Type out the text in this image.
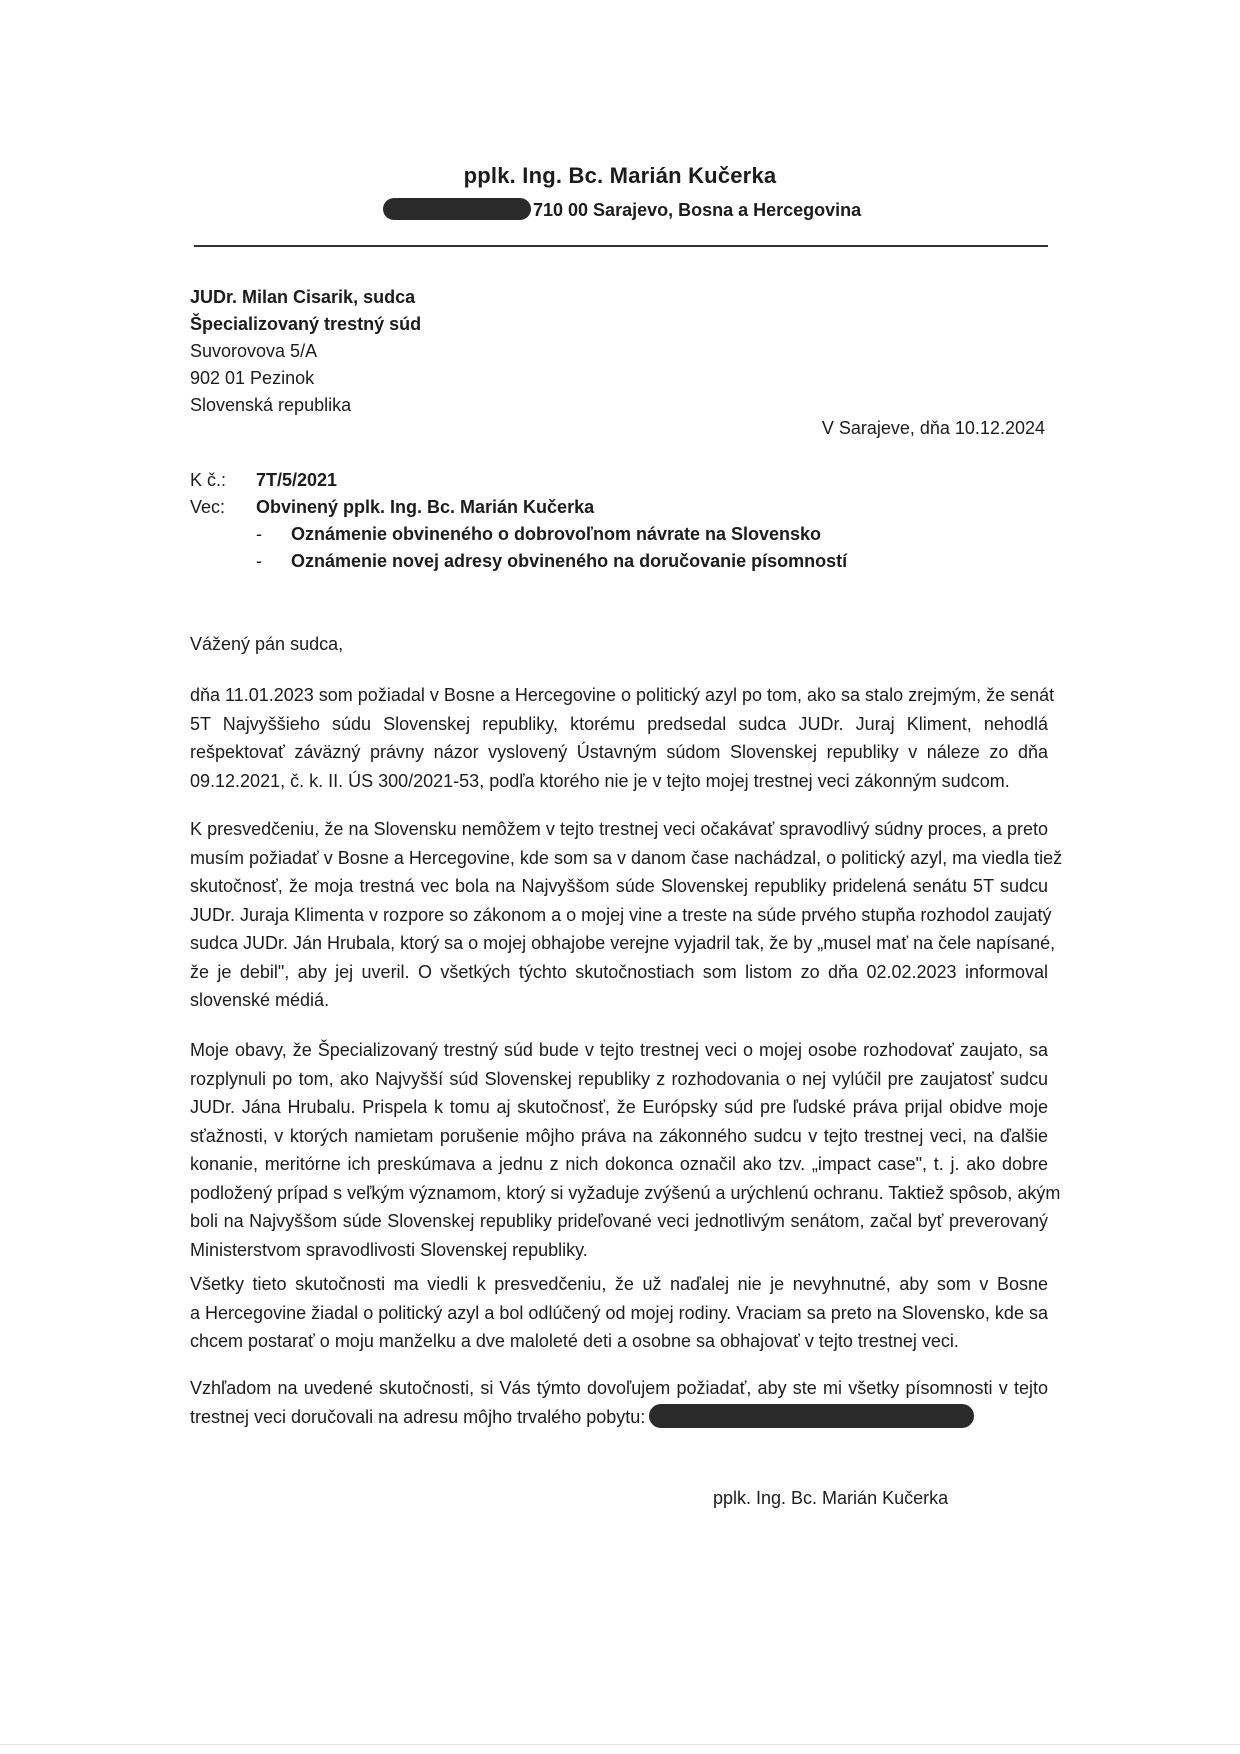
pplk. Ing. Bc. Marián Kučerka
710 00 Sarajevo, Bosna a Hercegovina
JUDr. Milan Cisarik, sudca
Špecializovaný trestný súd
Suvorovova 5/A
902 01 Pezinok
Slovenská republika
V Sarajeve, dňa 10.12.2024
K č.: 7T/5/2021
Vec: Obvinený pplk. Ing. Bc. Marián Kučerka
- Oznámenie obvineného o dobrovoľnom návrate na Slovensko
- Oznámenie novej adresy obvineného na doručovanie písomností
Vážený pán sudca,
dňa 11.01.2023 som požiadal v Bosne a Hercegovine o politický azyl po tom, ako sa stalo zrejmým, že senát
5T Najvyššieho súdu Slovenskej republiky, ktorému predsedal sudca JUDr. Juraj Kliment, nehodlá
rešpektovať záväzný právny názor vyslovený Ústavným súdom Slovenskej republiky v náleze zo dňa
09.12.2021, č. k. II. ÚS 300/2021-53, podľa ktorého nie je v tejto mojej trestnej veci zákonným sudcom.
K presvedčeniu, že na Slovensku nemôžem v tejto trestnej veci očakávať spravodlivý súdny proces, a preto
musím požiadať v Bosne a Hercegovine, kde som sa v danom čase nachádzal, o politický azyl, ma viedla tiež
skutočnosť, že moja trestná vec bola na Najvyššom súde Slovenskej republiky pridelená senátu 5T sudcu
JUDr. Juraja Klimenta v rozpore so zákonom a o mojej vine a treste na súde prvého stupňa rozhodol zaujatý
sudca JUDr. Ján Hrubala, ktorý sa o mojej obhajobe verejne vyjadril tak, že by „musel mať na čele napísané,
že je debil", aby jej uveril. O všetkých týchto skutočnostiach som listom zo dňa 02.02.2023 informoval
slovenské médiá.
Moje obavy, že Špecializovaný trestný súd bude v tejto trestnej veci o mojej osobe rozhodovať zaujato, sa
rozplynuli po tom, ako Najvyšší súd Slovenskej republiky z rozhodovania o nej vylúčil pre zaujatosť sudcu
JUDr. Jána Hrubalu. Prispela k tomu aj skutočnosť, že Európsky súd pre ľudské práva prijal obidve moje
sťažnosti, v ktorých namietam porušenie môjho práva na zákonného sudcu v tejto trestnej veci, na ďalšie
konanie, meritórne ich preskúmava a jednu z nich dokonca označil ako tzv. „impact case", t. j. ako dobre
podložený prípad s veľkým významom, ktorý si vyžaduje zvýšenú a urýchlenú ochranu. Taktiež spôsob, akým
boli na Najvyššom súde Slovenskej republiky prideľované veci jednotlivým senátom, začal byť preverovaný
Ministerstvom spravodlivosti Slovenskej republiky.
Všetky tieto skutočnosti ma viedli k presvedčeniu, že už naďalej nie je nevyhnutné, aby som v Bosne
a Hercegovine žiadal o politický azyl a bol odlúčený od mojej rodiny. Vraciam sa preto na Slovensko, kde sa
chcem postarať o moju manželku a dve maloleté deti a osobne sa obhajovať v tejto trestnej veci.
Vzhľadom na uvedené skutočnosti, si Vás týmto dovoľujem požiadať, aby ste mi všetky písomnosti v tejto
trestnej veci doručovali na adresu môjho trvalého pobytu:
pplk. Ing. Bc. Marián Kučerka
